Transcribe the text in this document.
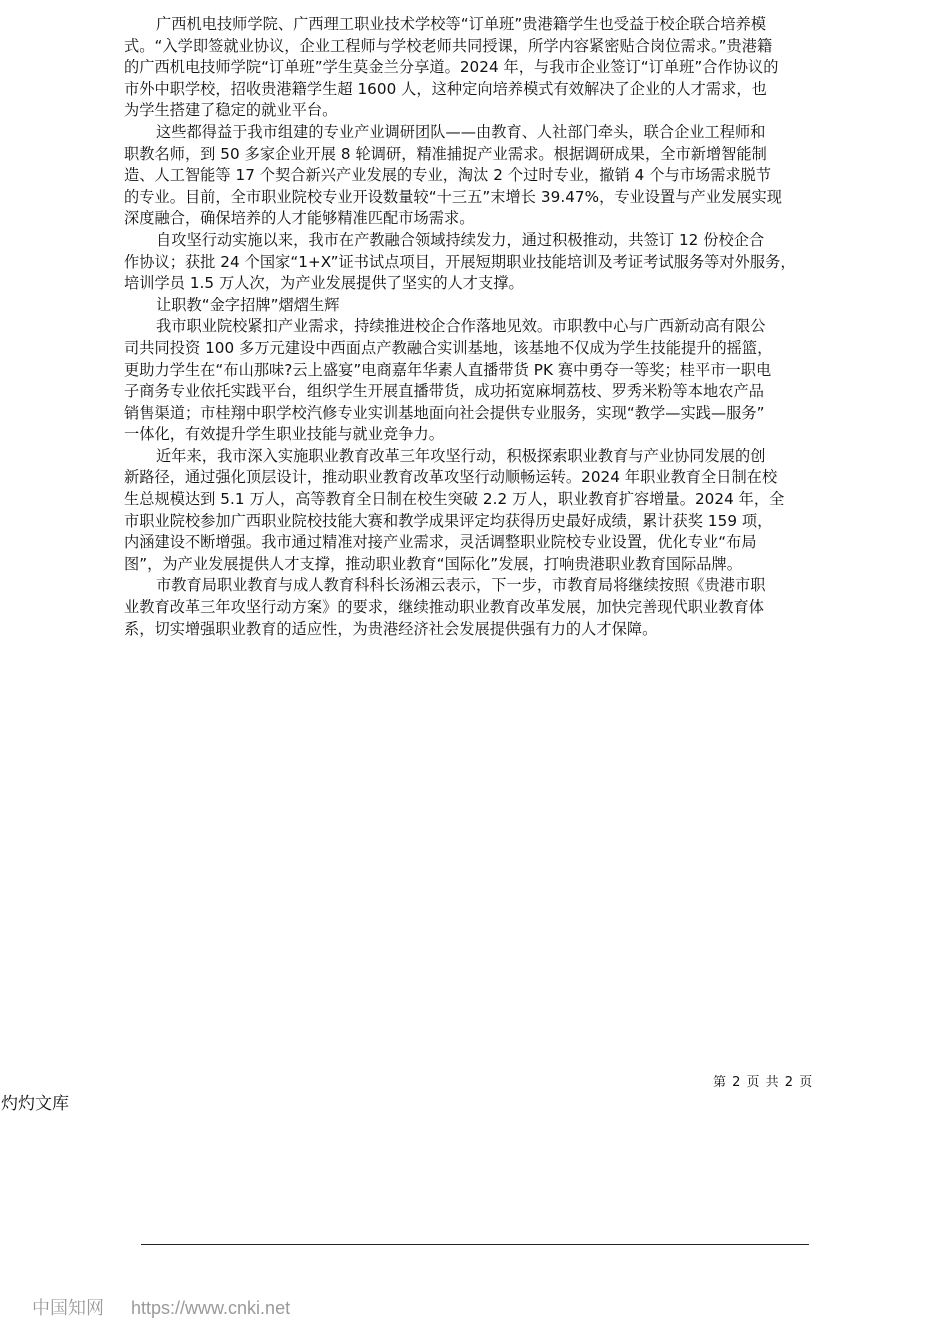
广西机电技师学院、广西理工职业技术学校等“订单班”贵港籍学生也受益于校企联合培养模
式。“入学即签就业协议，企业工程师与学校老师共同授课，所学内容紧密贴合岗位需求。”贵港籍
的广西机电技师学院“订单班”学生莫金兰分享道。2024 年，与我市企业签订“订单班”合作协议的
市外中职学校，招收贵港籍学生超 1600 人，这种定向培养模式有效解决了企业的人才需求，也
为学生搭建了稳定的就业平台。
这些都得益于我市组建的专业产业调研团队——由教育、人社部门牵头，联合企业工程师和
职教名师，到 50 多家企业开展 8 轮调研，精准捕捉产业需求。根据调研成果，全市新增智能制
造、人工智能等 17 个契合新兴产业发展的专业，淘汰 2 个过时专业，撤销 4 个与市场需求脱节
的专业。目前，全市职业院校专业开设数量较“十三五”末增长 39.47%，专业设置与产业发展实现
深度融合，确保培养的人才能够精准匹配市场需求。
自攻坚行动实施以来，我市在产教融合领域持续发力，通过积极推动，共签订 12 份校企合
作协议；获批 24 个国家“1+X”证书试点项目，开展短期职业技能培训及考证考试服务等对外服务，
培训学员 1.5 万人次，为产业发展提供了坚实的人才支撑。
让职教“金字招牌”熠熠生辉
我市职业院校紧扣产业需求，持续推进校企合作落地见效。市职教中心与广西新动高有限公
司共同投资 100 多万元建设中西面点产教融合实训基地，该基地不仅成为学生技能提升的摇篮，
更助力学生在“布山那味?云上盛宴”电商嘉年华素人直播带货 PK 赛中勇夺一等奖；桂平市一职电
子商务专业依托实践平台，组织学生开展直播带货，成功拓宽麻垌荔枝、罗秀米粉等本地农产品
销售渠道；市桂翔中职学校汽修专业实训基地面向社会提供专业服务，实现“教学—实践—服务”
一体化，有效提升学生职业技能与就业竞争力。
近年来，我市深入实施职业教育改革三年攻坚行动，积极探索职业教育与产业协同发展的创
新路径，通过强化顶层设计，推动职业教育改革攻坚行动顺畅运转。2024 年职业教育全日制在校
生总规模达到 5.1 万人，高等教育全日制在校生突破 2.2 万人，职业教育扩容增量。2024 年，全
市职业院校参加广西职业院校技能大赛和教学成果评定均获得历史最好成绩，累计获奖 159 项，
内涵建设不断增强。我市通过精准对接产业需求，灵活调整职业院校专业设置，优化专业“布局
图”，为产业发展提供人才支撑，推动职业教育“国际化”发展，打响贵港职业教育国际品牌。
市教育局职业教育与成人教育科科长汤湘云表示，下一步，市教育局将继续按照《贵港市职
业教育改革三年攻坚行动方案》的要求，继续推动职业教育改革发展，加快完善现代职业教育体
系，切实增强职业教育的适应性，为贵港经济社会发展提供强有力的人才保障。
第 2 页 共 2 页
灼灼文库
中国知网 https://www.cnki.net
